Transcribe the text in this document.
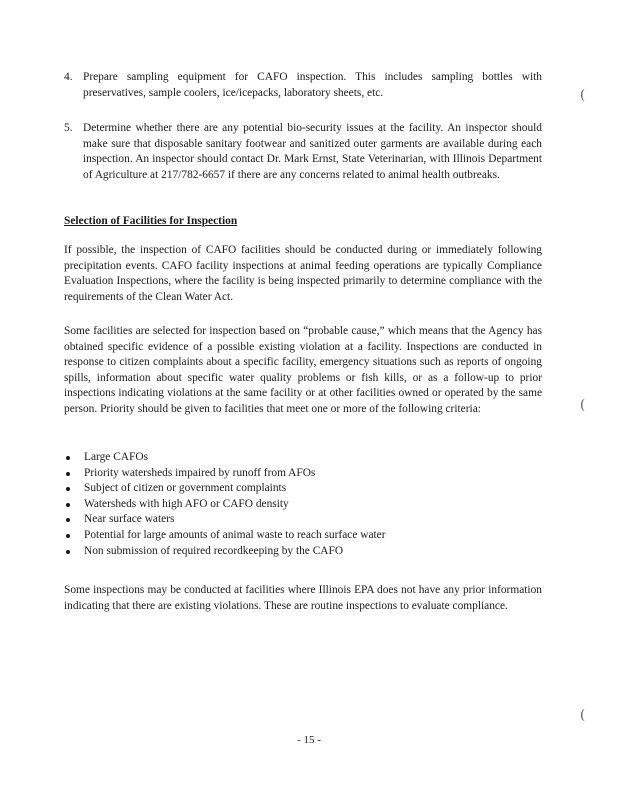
4. Prepare sampling equipment for CAFO inspection. This includes sampling bottles with preservatives, sample coolers, ice/icepacks, laboratory sheets, etc.
5. Determine whether there are any potential bio-security issues at the facility. An inspector should make sure that disposable sanitary footwear and sanitized outer garments are available during each inspection. An inspector should contact Dr. Mark Ernst, State Veterinarian, with Illinois Department of Agriculture at 217/782-6657 if there are any concerns related to animal health outbreaks.

Selection of Facilities for Inspection

If possible, the inspection of CAFO facilities should be conducted during or immediately following precipitation events. CAFO facility inspections at animal feeding operations are typically Compliance Evaluation Inspections, where the facility is being inspected primarily to determine compliance with the requirements of the Clean Water Act.

Some facilities are selected for inspection based on “probable cause,” which means that the Agency has obtained specific evidence of a possible existing violation at a facility. Inspections are conducted in response to citizen complaints about a specific facility, emergency situations such as reports of ongoing spills, information about specific water quality problems or fish kills, or as a follow-up to prior inspections indicating violations at the same facility or at other facilities owned or operated by the same person. Priority should be given to facilities that meet one or more of the following criteria:

Large CAFOs
Priority watersheds impaired by runoff from AFOs
Subject of citizen or government complaints
Watersheds with high AFO or CAFO density
Near surface waters
Potential for large amounts of animal waste to reach surface water
Non submission of required recordkeeping by the CAFO

Some inspections may be conducted at facilities where Illinois EPA does not have any prior information indicating that there are existing violations. These are routine inspections to evaluate compliance.

- 15 -
(
(
(
